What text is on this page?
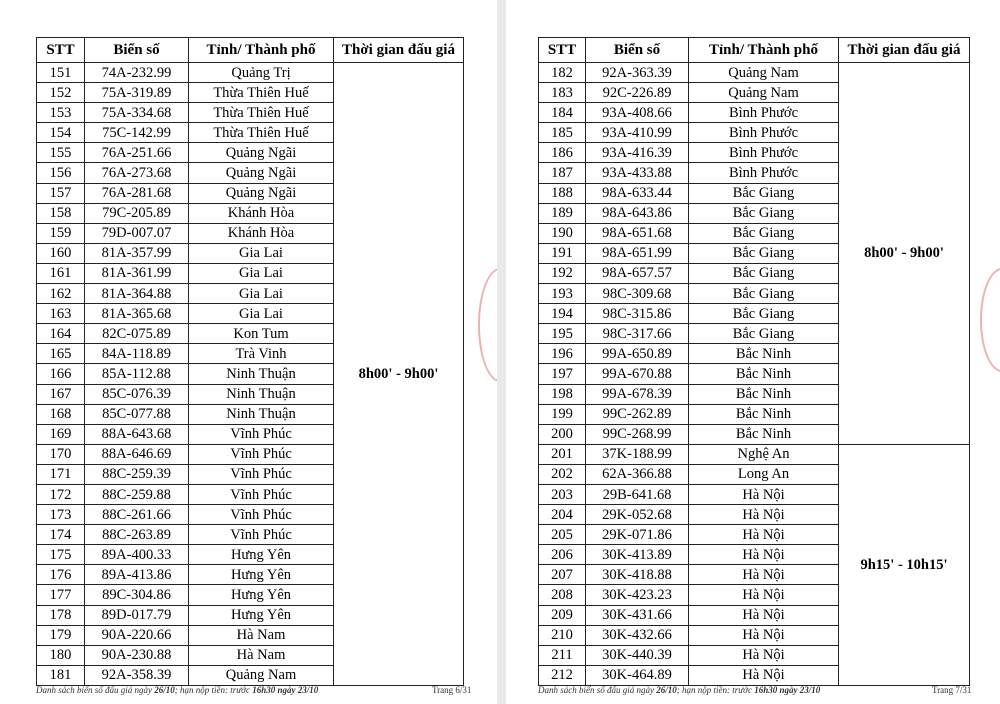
STT	Biển số	Tỉnh/ Thành phố	Thời gian đấu giá
151	74A-232.99	Quảng Trị	8h00' - 9h00'
152	75A-319.89	Thừa Thiên Huế	
153	75A-334.68	Thừa Thiên Huế	
154	75C-142.99	Thừa Thiên Huế	
155	76A-251.66	Quảng Ngãi	
156	76A-273.68	Quảng Ngãi	
157	76A-281.68	Quảng Ngãi	
158	79C-205.89	Khánh Hòa	
159	79D-007.07	Khánh Hòa	
160	81A-357.99	Gia Lai	
161	81A-361.99	Gia Lai	
162	81A-364.88	Gia Lai	
163	81A-365.68	Gia Lai	
164	82C-075.89	Kon Tum	
165	84A-118.89	Trà Vinh	
166	85A-112.88	Ninh Thuận	
167	85C-076.39	Ninh Thuận	
168	85C-077.88	Ninh Thuận	
169	88A-643.68	Vĩnh Phúc	
170	88A-646.69	Vĩnh Phúc	
171	88C-259.39	Vĩnh Phúc	
172	88C-259.88	Vĩnh Phúc	
173	88C-261.66	Vĩnh Phúc	
174	88C-263.89	Vĩnh Phúc	
175	89A-400.33	Hưng Yên	
176	89A-413.86	Hưng Yên	
177	89C-304.86	Hưng Yên	
178	89D-017.79	Hưng Yên	
179	90A-220.66	Hà Nam	
180	90A-230.88	Hà Nam	
181	92A-358.39	Quảng Nam	
Danh sách biển số đấu giá ngày 26/10; hạn nộp tiền: trước 16h30 ngày 23/10	Trang 6/31
STT	Biển số	Tỉnh/ Thành phố	Thời gian đấu giá
182	92A-363.39	Quảng Nam	8h00' - 9h00'
183	92C-226.89	Quảng Nam	
184	93A-408.66	Bình Phước	
185	93A-410.99	Bình Phước	
186	93A-416.39	Bình Phước	
187	93A-433.88	Bình Phước	
188	98A-633.44	Bắc Giang	
189	98A-643.86	Bắc Giang	
190	98A-651.68	Bắc Giang	
191	98A-651.99	Bắc Giang	
192	98A-657.57	Bắc Giang	
193	98C-309.68	Bắc Giang	
194	98C-315.86	Bắc Giang	
195	98C-317.66	Bắc Giang	
196	99A-650.89	Bắc Ninh	
197	99A-670.88	Bắc Ninh	
198	99A-678.39	Bắc Ninh	
199	99C-262.89	Bắc Ninh	
200	99C-268.99	Bắc Ninh	
201	37K-188.99	Nghệ An	9h15' - 10h15'
202	62A-366.88	Long An	
203	29B-641.68	Hà Nội	
204	29K-052.68	Hà Nội	
205	29K-071.86	Hà Nội	
206	30K-413.89	Hà Nội	
207	30K-418.88	Hà Nội	
208	30K-423.23	Hà Nội	
209	30K-431.66	Hà Nội	
210	30K-432.66	Hà Nội	
211	30K-440.39	Hà Nội	
212	30K-464.89	Hà Nội	
Danh sách biển số đấu giá ngày 26/10; hạn nộp tiền: trước 16h30 ngày 23/10	Trang 7/31
